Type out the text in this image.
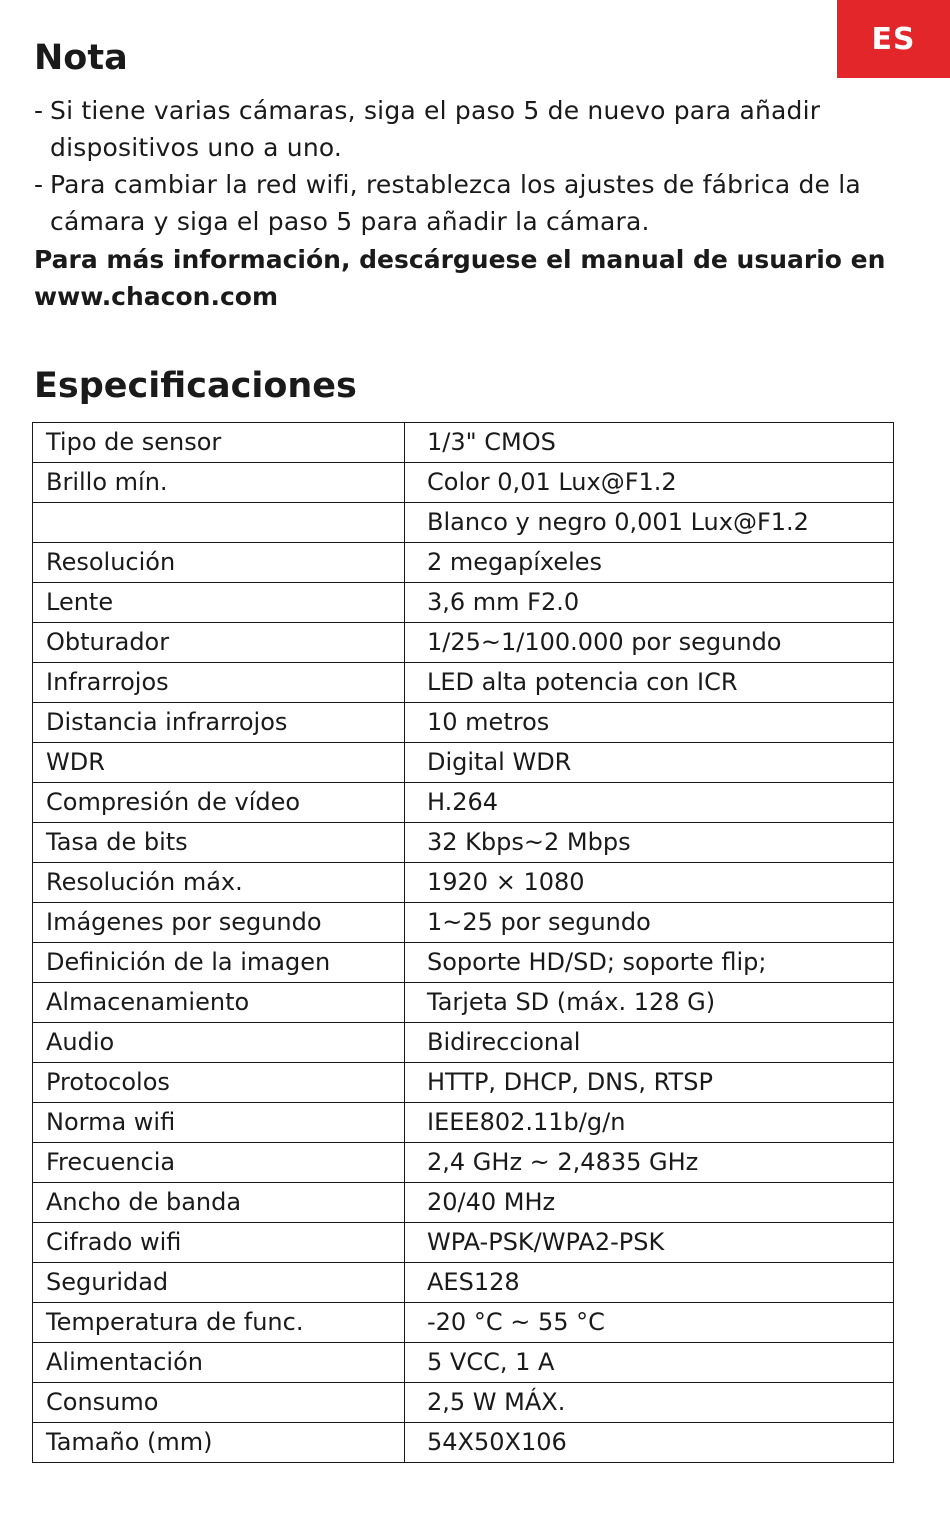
ES
Nota
- Si tiene varias cámaras, siga el paso 5 de nuevo para añadir dispositivos uno a uno.
- Para cambiar la red wifi, restablezca los ajustes de fábrica de la cámara y siga el paso 5 para añadir la cámara.

Para más información, descárguese el manual de usuario en www.chacon.com

Especificaciones
Tipo de sensor	1/3" CMOS
Brillo mín.	Color 0,01 Lux@F1.2
	Blanco y negro 0,001 Lux@F1.2
Resolución	2 megapíxeles
Lente	3,6 mm F2.0
Obturador	1/25~1/100.000 por segundo
Infrarrojos	LED alta potencia con ICR
Distancia infrarrojos	10 metros
WDR	Digital WDR
Compresión de vídeo	H.264
Tasa de bits	32 Kbps~2 Mbps
Resolución máx.	1920 × 1080
Imágenes por segundo	1~25 por segundo
Definición de la imagen	Soporte HD/SD; soporte flip;
Almacenamiento	Tarjeta SD (máx. 128 G)
Audio	Bidireccional
Protocolos	HTTP, DHCP, DNS, RTSP
Norma wifi	IEEE802.11b/g/n
Frecuencia	2,4 GHz ~ 2,4835 GHz
Ancho de banda	20/40 MHz
Cifrado wifi	WPA-PSK/WPA2-PSK
Seguridad	AES128
Temperatura de func.	-20 °C ~ 55 °C
Alimentación	5 VCC, 1 A
Consumo	2,5 W MÁX.
Tamaño (mm)	54X50X106
